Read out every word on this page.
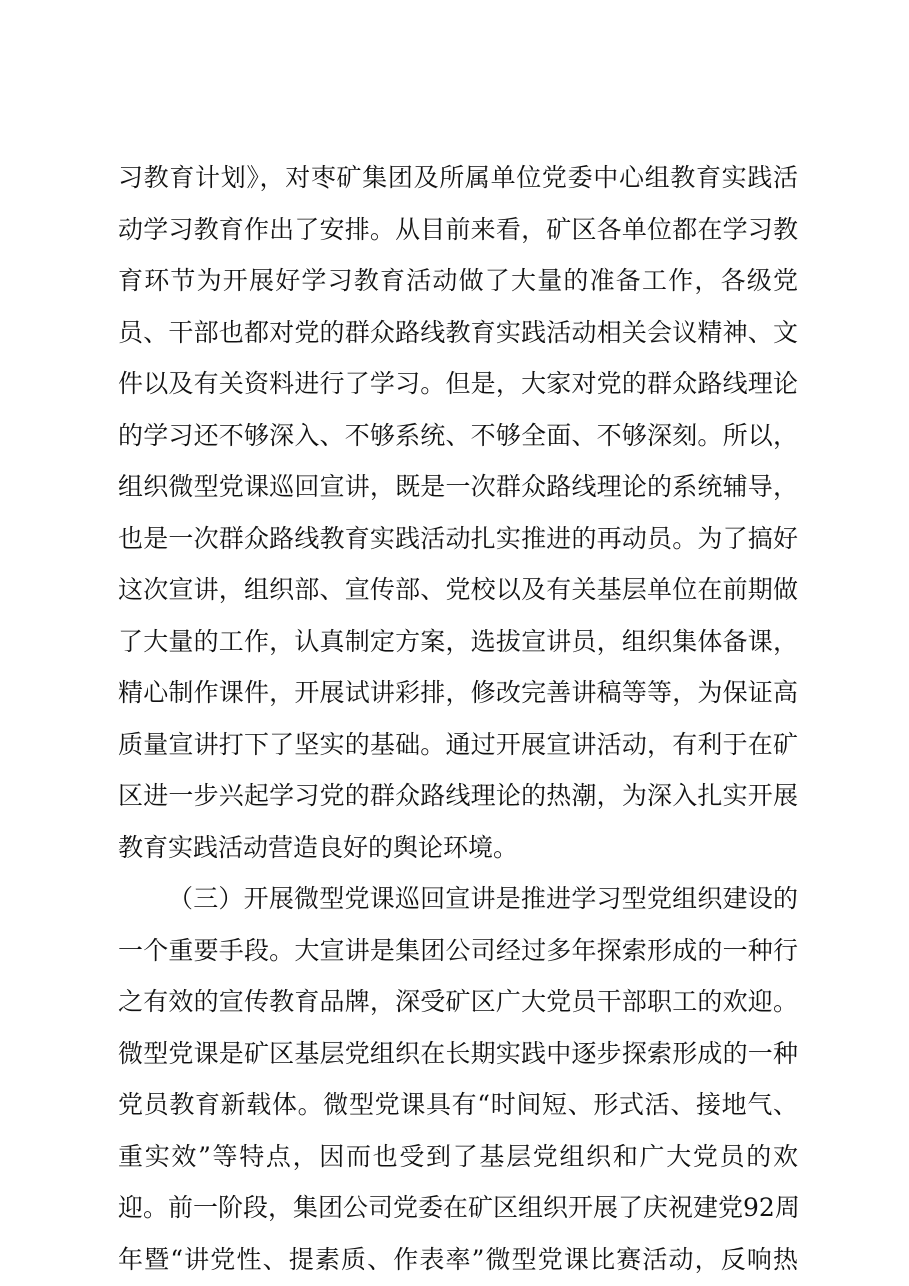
习教育计划》，对枣矿集团及所属单位党委中心组教育实践活
动学习教育作出了安排。从目前来看，矿区各单位都在学习教
育环节为开展好学习教育活动做了大量的准备工作，各级党
员、干部也都对党的群众路线教育实践活动相关会议精神、文
件以及有关资料进行了学习。但是，大家对党的群众路线理论
的学习还不够深入、不够系统、不够全面、不够深刻。所以，
组织微型党课巡回宣讲，既是一次群众路线理论的系统辅导，
也是一次群众路线教育实践活动扎实推进的再动员。为了搞好
这次宣讲，组织部、宣传部、党校以及有关基层单位在前期做
了大量的工作，认真制定方案，选拔宣讲员，组织集体备课，
精心制作课件，开展试讲彩排，修改完善讲稿等等，为保证高
质量宣讲打下了坚实的基础。通过开展宣讲活动，有利于在矿
区进一步兴起学习党的群众路线理论的热潮，为深入扎实开展
教育实践活动营造良好的舆论环境。
（三）开展微型党课巡回宣讲是推进学习型党组织建设的
一个重要手段。大宣讲是集团公司经过多年探索形成的一种行
之有效的宣传教育品牌，深受矿区广大党员干部职工的欢迎。
微型党课是矿区基层党组织在长期实践中逐步探索形成的一种
党员教育新载体。微型党课具有“时间短、形式活、接地气、
重实效”等特点，因而也受到了基层党组织和广大党员的欢
迎。前一阶段，集团公司党委在矿区组织开展了庆祝建党92周
年暨“讲党性、提素质、作表率”微型党课比赛活动，反响热
